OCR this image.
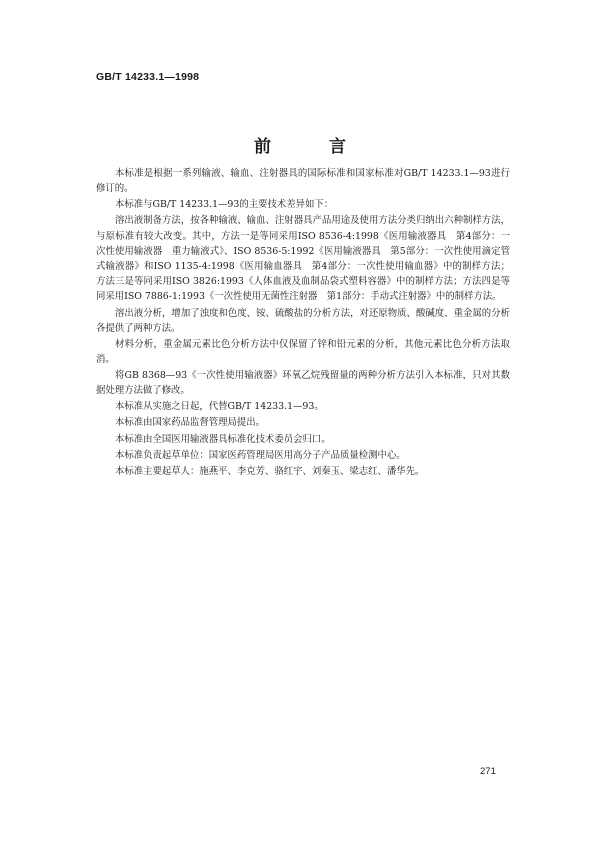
GB/T 14233.1—1998
前 言

本标准是根据一系列输液、输血、注射器具的国际标准和国家标准对GB/T 14233.1—93进行修订的。

本标准与GB/T 14233.1—93的主要技术差异如下：

溶出液制备方法，按各种输液、输血、注射器具产品用途及使用方法分类归纳出六种制样方法，与原标准有较大改变。其中，方法一是等同采用ISO 8536-4:1998《医用输液器具　第4部分：一次性使用输液器　重力输液式》、ISO 8536-5:1992《医用输液器具　第5部分：一次性使用滴定管式输液器》和ISO 1135-4:1998《医用输血器具　第4部分：一次性使用输血器》中的制样方法；方法三是等同采用ISO 3826:1993《人体血液及血制品袋式塑料容器》中的制样方法；方法四是等同采用ISO 7886-1:1993《一次性使用无菌性注射器　第1部分：手动式注射器》中的制样方法。

溶出液分析，增加了浊度和色度、铵、硫酸盐的分析方法，对还原物质、酸碱度、重金属的分析各提供了两种方法。

材料分析，重金属元素比色分析方法中仅保留了锌和铅元素的分析，其他元素比色分析方法取消。

将GB 8368—93《一次性使用输液器》环氧乙烷残留量的两种分析方法引入本标准，只对其数据处理方法做了修改。

本标准从实施之日起，代替GB/T 14233.1—93。

本标准由国家药品监督管理局提出。

本标准由全国医用输液器具标准化技术委员会归口。

本标准负责起草单位：国家医药管理局医用高分子产品质量检测中心。

本标准主要起草人：施燕平、李克芳、骆红宇、刘秦玉、梁志红、潘华先。

271
